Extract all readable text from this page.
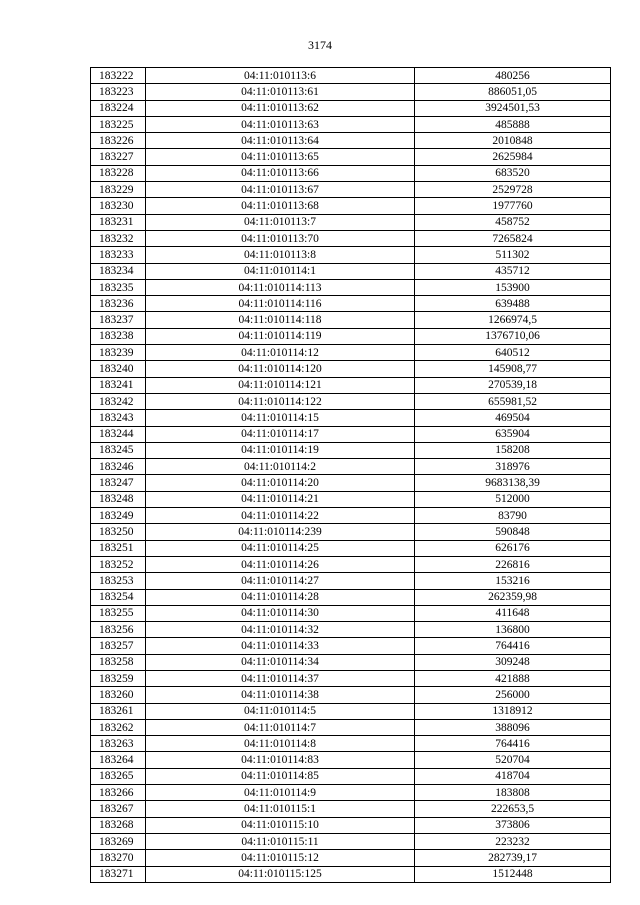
3174
183222	04:11:010113:6	480256
183223	04:11:010113:61	886051,05
183224	04:11:010113:62	3924501,53
183225	04:11:010113:63	485888
183226	04:11:010113:64	2010848
183227	04:11:010113:65	2625984
183228	04:11:010113:66	683520
183229	04:11:010113:67	2529728
183230	04:11:010113:68	1977760
183231	04:11:010113:7	458752
183232	04:11:010113:70	7265824
183233	04:11:010113:8	511302
183234	04:11:010114:1	435712
183235	04:11:010114:113	153900
183236	04:11:010114:116	639488
183237	04:11:010114:118	1266974,5
183238	04:11:010114:119	1376710,06
183239	04:11:010114:12	640512
183240	04:11:010114:120	145908,77
183241	04:11:010114:121	270539,18
183242	04:11:010114:122	655981,52
183243	04:11:010114:15	469504
183244	04:11:010114:17	635904
183245	04:11:010114:19	158208
183246	04:11:010114:2	318976
183247	04:11:010114:20	9683138,39
183248	04:11:010114:21	512000
183249	04:11:010114:22	83790
183250	04:11:010114:239	590848
183251	04:11:010114:25	626176
183252	04:11:010114:26	226816
183253	04:11:010114:27	153216
183254	04:11:010114:28	262359,98
183255	04:11:010114:30	411648
183256	04:11:010114:32	136800
183257	04:11:010114:33	764416
183258	04:11:010114:34	309248
183259	04:11:010114:37	421888
183260	04:11:010114:38	256000
183261	04:11:010114:5	1318912
183262	04:11:010114:7	388096
183263	04:11:010114:8	764416
183264	04:11:010114:83	520704
183265	04:11:010114:85	418704
183266	04:11:010114:9	183808
183267	04:11:010115:1	222653,5
183268	04:11:010115:10	373806
183269	04:11:010115:11	223232
183270	04:11:010115:12	282739,17
183271	04:11:010115:125	1512448
